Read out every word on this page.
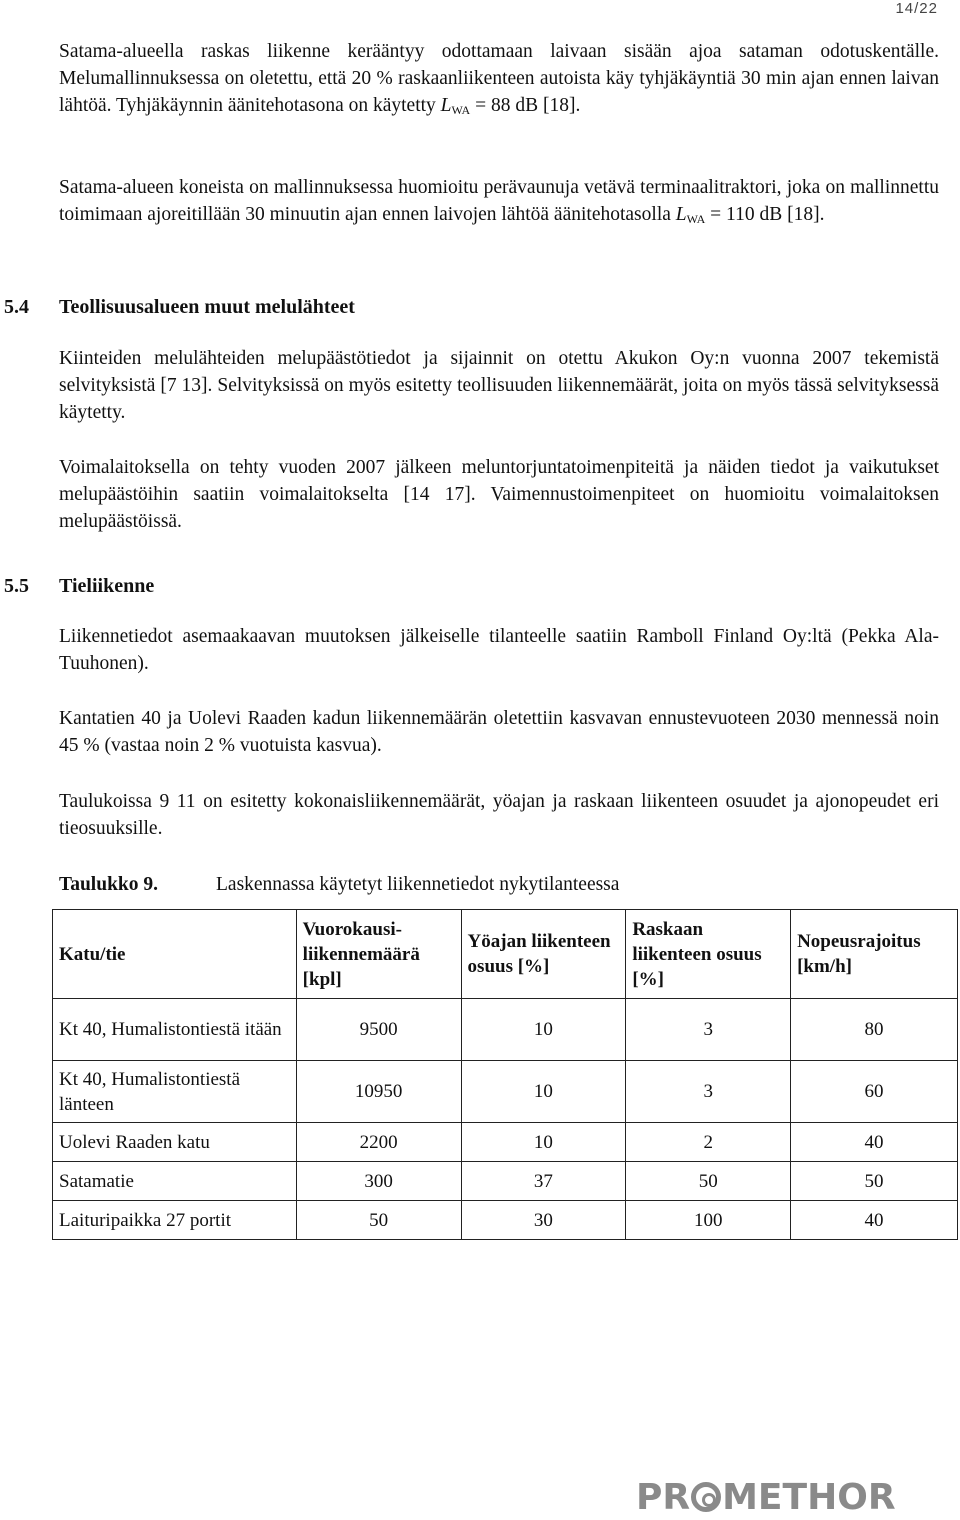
14/22

Satama-alueella raskas liikenne kerääntyy odottamaan laivaan sisään ajoa sataman odotuskentälle. Melumallinnuksessa on oletettu, että 20 % raskaanliikenteen autoista käy tyhjäkäyntiä 30 min ajan ennen laivan lähtöä. Tyhjäkäynnin äänitehotasona on käytetty $L_{WA} = 88$ dB [18].

Satama-alueen koneista on mallinnuksessa huomioitu perävaunuja vetävä terminaalitraktori, joka on mallinnettu toimimaan ajoreitillään 30 minuutin ajan ennen laivojen lähtöä äänitehotasolla $L_{WA} = 110$ dB [18].

5.4 Teollisuusalueen muut melulähteet

Kiinteiden melulähteiden melupäästötiedot ja sijainnit on otettu Akukon Oy:n vuonna 2007 tekemistä selvityksistä [7 13]. Selvityksissä on myös esitetty teollisuuden liikennemäärät, joita on myös tässä selvityksessä käytetty.

Voimalaitoksella on tehty vuoden 2007 jälkeen meluntorjuntatoimenpiteitä ja näiden tiedot ja vaikutukset melupäästöihin saatiin voimalaitokselta [14 17]. Vaimennustoimenpiteet on huomioitu voimalaitoksen melupäästöissä.

5.5 Tieliikenne

Liikennetiedot asemaakaavan muutoksen jälkeiselle tilanteelle saatiin Ramboll Finland Oy:ltä (Pekka Ala-Tuuhonen).

Kantatien 40 ja Uolevi Raaden kadun liikennemäärän oletettiin kasvavan ennustevuoteen 2030 mennessä noin 45 % (vastaa noin 2 % vuotuista kasvua).

Taulukoissa 9 11 on esitetty kokonaisliikennemäärät, yöajan ja raskaan liikenteen osuudet ja ajonopeudet eri tieosuuksille.

Taulukko 9.	Laskennassa käytetyt liikennetiedot nykytilanteessa
Katu/tie	Vuorokausi-liikennemäärä [kpl]	Yöajan liikenteen osuus [%]	Raskaan liikenteen osuus [%]	Nopeusrajoitus [km/h]
Kt 40, Humalistontiestä itään	9500	10	3	80
Kt 40, Humalistontiestä länteen	10950	10	3	60
Uolevi Raaden katu	2200	10	2	40
Satamatie	300	37	50	50
Laituripaikka 27 portit	50	30	100	40
PR METHOR
